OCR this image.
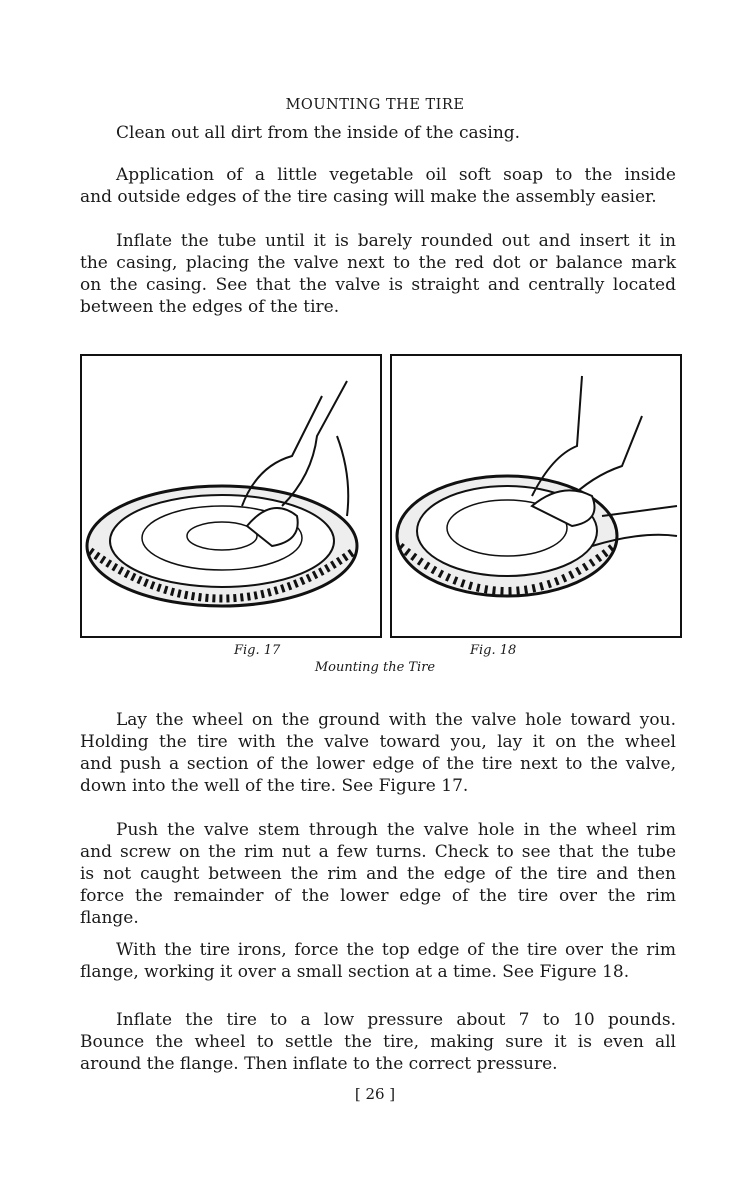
MOUNTING THE TIRE
Clean out all dirt from the inside of the casing.
Application of a little vegetable oil soft soap to the inside
and outside edges of the tire casing will make the assembly easier.
Inflate the tube until it is barely rounded out and insert it in
the casing, placing the valve next to the red dot or balance mark
on the casing. See that the valve is straight and centrally located
between the edges of the tire.
Fig. 17	Fig. 18
Mounting the Tire
Lay the wheel on the ground with the valve hole toward you.
Holding the tire with the valve toward you, lay it on the wheel
and push a section of the lower edge of the tire next to the valve,
down into the well of the tire. See Figure 17.
Push the valve stem through the valve hole in the wheel rim
and screw on the rim nut a few turns. Check to see that the tube
is not caught between the rim and the edge of the tire and then
force the remainder of the lower edge of the tire over the rim
flange.
With the tire irons, force the top edge of the tire over the rim
flange, working it over a small section at a time. See Figure 18.
Inflate the tire to a low pressure about 7 to 10 pounds.
Bounce the wheel to settle the tire, making sure it is even all
around the flange. Then inflate to the correct pressure.
[ 26 ]
